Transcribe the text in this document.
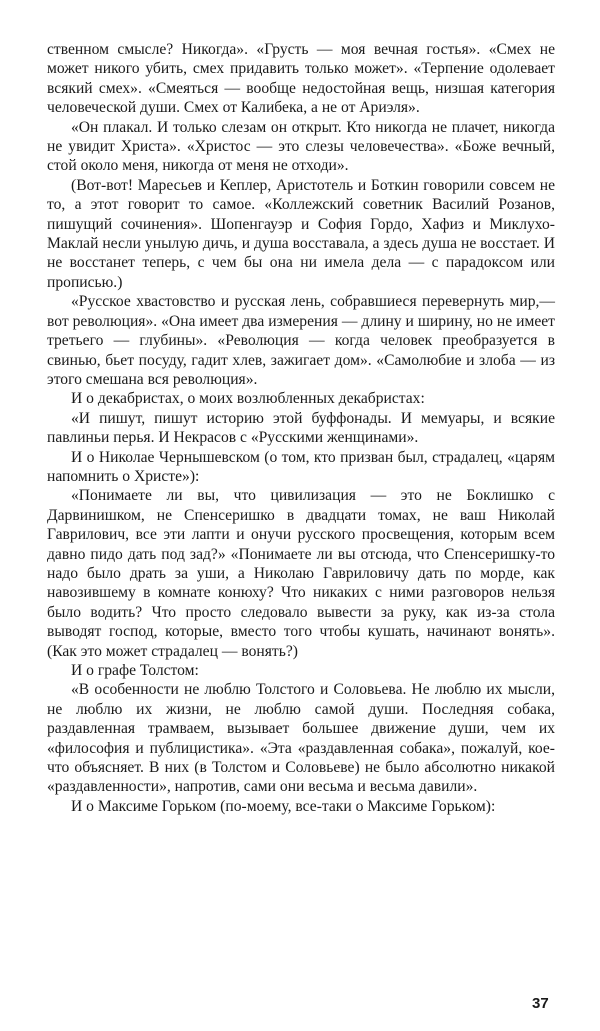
ственном смысле? Никогда». «Грусть — моя вечная гостья». «Смех не может никого убить, смех придавить только может». «Терпение одолевает всякий смех». «Смеяться — вообще недостойная вещь, низшая категория человеческой души. Смех от Калибека, а не от Ариэля».

«Он плакал. И только слезам он открыт. Кто никогда не плачет, никогда не увидит Христа». «Христос — это слезы человечества». «Боже вечный, стой около меня, никогда от меня не отходи».

(Вот-вот! Маресьев и Кеплер, Аристотель и Боткин говорили совсем не то, а этот говорит то самое. «Коллежский советник Василий Розанов, пишущий сочинения». Шопенгауэр и София Гордо, Хафиз и Миклухо-Маклай несли унылую дичь, и душа восставала, а здесь душа не восстает. И не восстанет теперь, с чем бы она ни имела дела — с парадоксом или прописью.)

«Русское хвастовство и русская лень, собравшиеся перевернуть мир,— вот революция». «Она имеет два измерения — длину и ширину, но не имеет третьего — глубины». «Революция — когда человек преобразуется в свинью, бьет посуду, гадит хлев, зажигает дом». «Самолюбие и злоба — из этого смешана вся революция».

И о декабристах, о моих возлюбленных декабристах:

«И пишут, пишут историю этой буффонады. И мемуары, и всякие павлиньи перья. И Некрасов с «Русскими женщинами».

И о Николае Чернышевском (о том, кто призван был, страдалец, «царям напомнить о Христе»):

«Понимаете ли вы, что цивилизация — это не Боклишко с Дарвинишком, не Спенсеришко в двадцати томах, не ваш Николай Гаврилович, все эти лапти и онучи русского просвещения, которым всем давно пидо дать под зад?» «Понимаете ли вы отсюда, что Спенсеришку-то надо было драть за уши, а Николаю Гавриловичу дать по морде, как навозившему в комнате конюху? Что никаких с ними разговоров нельзя было водить? Что просто следовало вывести за руку, как из-за стола выводят господ, которые, вместо того чтобы кушать, начинают вонять». (Как это может страдалец — вонять?)

И о графе Толстом:

«В особенности не люблю Толстого и Соловьева. Не люблю их мысли, не люблю их жизни, не люблю самой души. Последняя собака, раздавленная трамваем, вызывает большее движение души, чем их «философия и публицистика». «Эта «раздавленная собака», пожалуй, кое-что объясняет. В них (в Толстом и Соловьеве) не было абсолютно никакой «раздавленности», напротив, сами они весьма и весьма давили».

И о Максиме Горьком (по-моему, все-таки о Максиме Горьком):

37
